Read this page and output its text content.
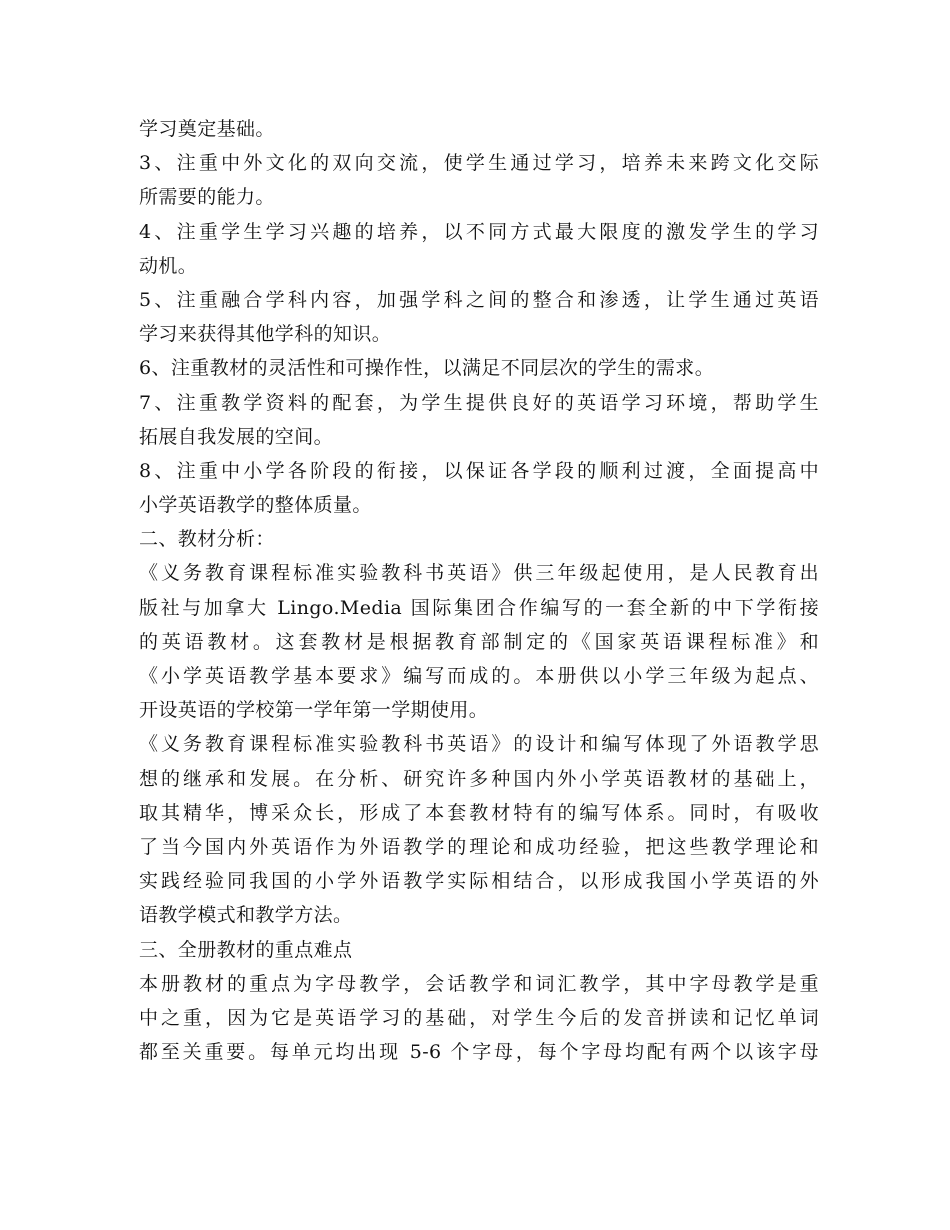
学习奠定基础。
3、注重中外文化的双向交流，使学生通过学习，培养未来跨文化交际
所需要的能力。
4、注重学生学习兴趣的培养，以不同方式最大限度的激发学生的学习
动机。
5、注重融合学科内容，加强学科之间的整合和渗透，让学生通过英语
学习来获得其他学科的知识。
6、注重教材的灵活性和可操作性，以满足不同层次的学生的需求。
7、注重教学资料的配套，为学生提供良好的英语学习环境，帮助学生
拓展自我发展的空间。
8、注重中小学各阶段的衔接，以保证各学段的顺利过渡，全面提高中
小学英语教学的整体质量。
二、教材分析：
《义务教育课程标准实验教科书英语》供三年级起使用，是人民教育出
版社与加拿大 Lingo.Media 国际集团合作编写的一套全新的中下学衔接
的英语教材。这套教材是根据教育部制定的《国家英语课程标准》和
《小学英语教学基本要求》编写而成的。本册供以小学三年级为起点、
开设英语的学校第一学年第一学期使用。
《义务教育课程标准实验教科书英语》的设计和编写体现了外语教学思
想的继承和发展。在分析、研究许多种国内外小学英语教材的基础上，
取其精华，博采众长，形成了本套教材特有的编写体系。同时，有吸收
了当今国内外英语作为外语教学的理论和成功经验，把这些教学理论和
实践经验同我国的小学外语教学实际相结合，以形成我国小学英语的外
语教学模式和教学方法。
三、全册教材的重点难点
本册教材的重点为字母教学，会话教学和词汇教学，其中字母教学是重
中之重，因为它是英语学习的基础，对学生今后的发音拼读和记忆单词
都至关重要。每单元均出现 5-6 个字母，每个字母均配有两个以该字母
